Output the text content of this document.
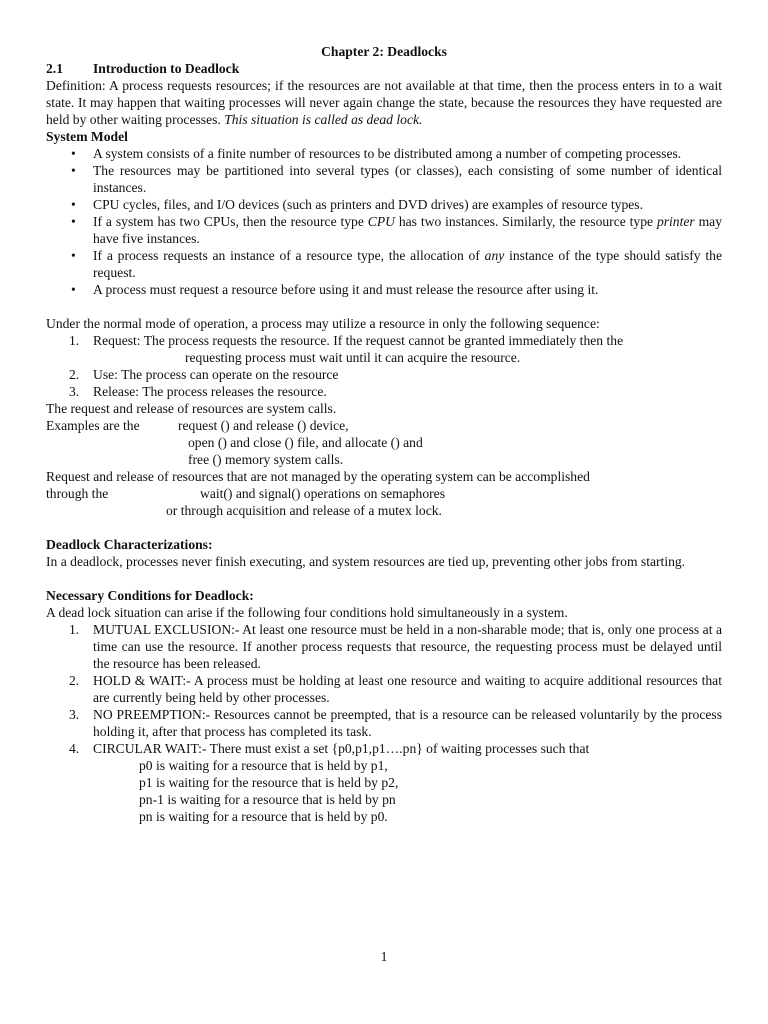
Chapter 2: Deadlocks
2.1 Introduction to Deadlock
Definition: A process requests resources; if the resources are not available at that time, then the process enters in to a wait state. It may happen that waiting processes will never again change the state, because the resources they have requested are held by other waiting processes. This situation is called as dead lock.
System Model
• A system consists of a finite number of resources to be distributed among a number of competing processes.
• The resources may be partitioned into several types (or classes), each consisting of some number of identical instances.
• CPU cycles, files, and I/O devices (such as printers and DVD drives) are examples of resource types.
• If a system has two CPUs, then the resource type CPU has two instances. Similarly, the resource type printer may have five instances.
• If a process requests an instance of a resource type, the allocation of any instance of the type should satisfy the request.
• A process must request a resource before using it and must release the resource after using it.
Under the normal mode of operation, a process may utilize a resource in only the following sequence:
1. Request: The process requests the resource. If the request cannot be granted immediately then the
requesting process must wait until it can acquire the resource.
2. Use: The process can operate on the resource
3. Release: The process releases the resource.
The request and release of resources are system calls.
Examples are the	request () and release () device,
open () and close () file, and allocate () and
free () memory system calls.
Request and release of resources that are not managed by the operating system can be accomplished
through the	wait() and signal() operations on semaphores
or through acquisition and release of a mutex lock.
Deadlock Characterizations:
In a deadlock, processes never finish executing, and system resources are tied up, preventing other jobs from starting.
Necessary Conditions for Deadlock:
A dead lock situation can arise if the following four conditions hold simultaneously in a system.
1. MUTUAL EXCLUSION:- At least one resource must be held in a non-sharable mode; that is, only one process at a time can use the resource. If another process requests that resource, the requesting process must be delayed until the resource has been released.
2. HOLD & WAIT:- A process must be holding at least one resource and waiting to acquire additional resources that are currently being held by other processes.
3. NO PREEMPTION:- Resources cannot be preempted, that is a resource can be released voluntarily by the process holding it, after that process has completed its task.
4. CIRCULAR WAIT:- There must exist a set {p0,p1,p1….pn} of waiting processes such that
p0 is waiting for a resource that is held by p1,
p1 is waiting for the resource that is held by p2,
pn-1 is waiting for a resource that is held by pn
pn is waiting for a resource that is held by p0.
1
